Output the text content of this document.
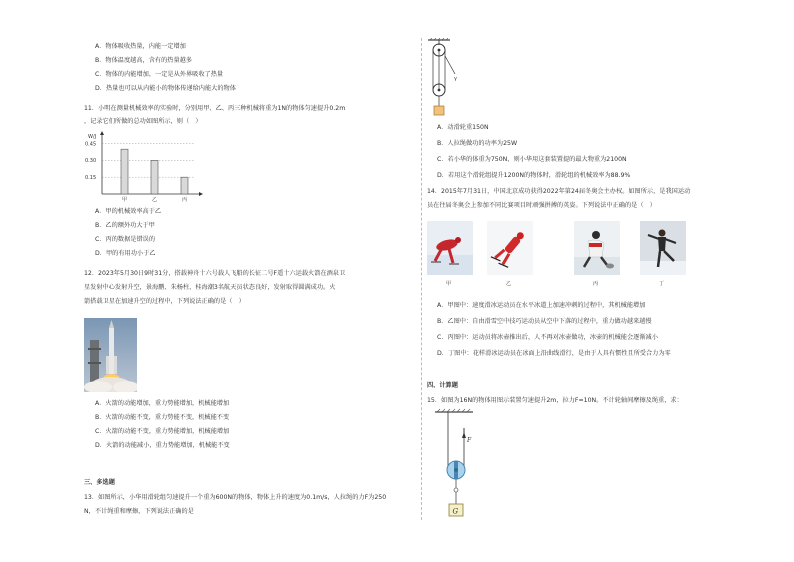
A．物体吸收热量，内能一定增加
B．物体温度越高，含有的热量越多
C．物体的内能增加，一定是从外界吸收了热量
D．热量也可以从内能小的物体传递给内能大的物体
11．小明在测量机械效率的实验时，分别用甲、乙、丙三种机械将重为1N的物体匀速提升0.2m
，记录它们所做的总功如图所示，则（　）
W/J
0.15
0.30
0.45
甲	乙	丙
A．甲的机械效率高于乙
B．乙的额外功大于甲
C．丙的数据是错误的
D．甲的有用功小于乙
12．2023年5月30日9时31分，搭载神舟十六号载人飞船的长征二号F遥十六运载火箭在酒泉卫
星发射中心发射升空，景海鹏、朱杨柱、桂海潮3名航天员状态良好，发射取得圆满成功。火
箭搭载卫星在加速升空的过程中，下列说法正确的是（　）
A．火箭的动能增加，重力势能增加，机械能增加
B．火箭的动能不变，重力势能不变，机械能不变
C．火箭的动能不变，重力势能增加，机械能增加
D．火箭的动能减小，重力势能增加，机械能不变
三、多选题
13．如图所示，小华用滑轮组匀速提升一个重为600N的物体，物体上升的速度为0.1m/s，人拉绳的力F为250
N，不计绳重和摩擦，下列说法正确的是
γ
A．动滑轮重150N
B．人拉绳做功的功率为25W
C．若小华的体重为750N，则小华用这套装置提的最大物重为2100N
D．若用这个滑轮组提升1200N的物体时，滑轮组的机械效率为88.9%
14．2015年7月31日，中国北京成功获得2022年第24届冬奥会主办权。如图所示，是我国运动
员在往届冬奥会上参加不同比赛项目时顽强拼搏的英姿。下列说法中正确的是（　）
甲	乙	丙	丁
A．甲图中：速度滑冰运动员在水平冰道上加速冲刺的过程中，其机械能增加
B．乙图中：自由滑雪空中技巧运动员从空中下落的过程中，重力做功越来越慢
C．丙图中：运动员将冰壶推出后，人不再对冰壶做功，冰壶的机械能会逐渐减小
D．丁图中：花样滑冰运动员在冰面上沿曲线滑行，是由于人具有惯性且所受合力为零
四、计算题
15．如图为16N的物体用图示装置匀速提升2m，拉力F=10N。不计轮轴间摩擦及绳重，求：
F
G
